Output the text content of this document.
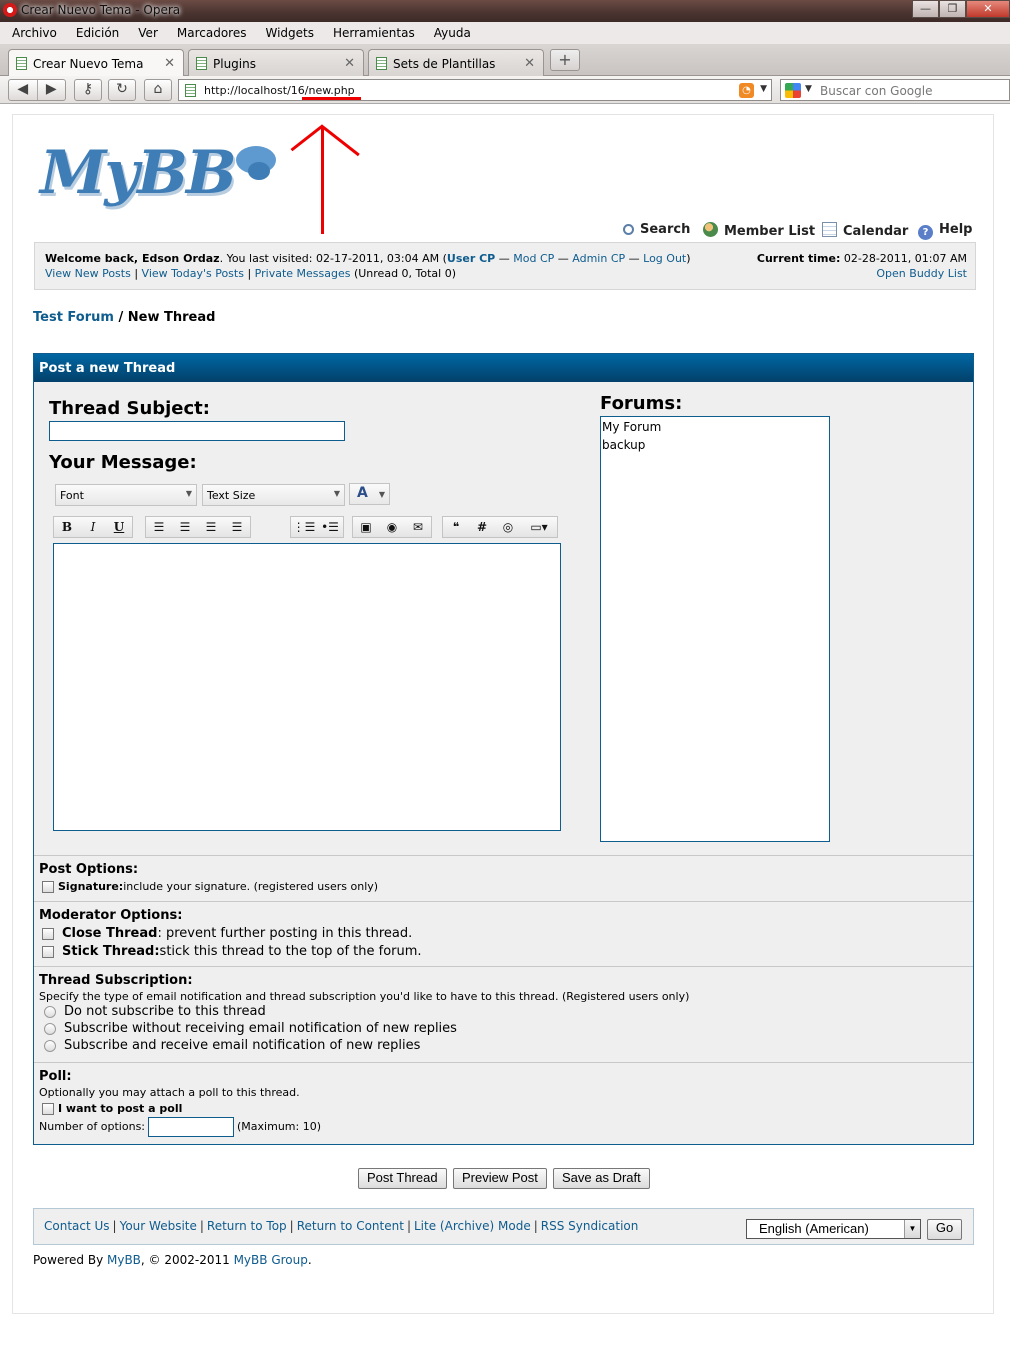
Crear Nuevo Tema - Opera	—	❐	✕
Archivo	Edición	Ver	Marcadores	Widgets	Herramientas	Ayuda
Crear Nuevo Tema ✕	Plugins	✕	Sets de Plantillas ✕	+
◀	▶	⚷	↻	⌂	http://localhost/16/new.php	◔	▼	▼ Buscar con Google
MyBB
Search	Member List	Calendar	? Help
Welcome back, Edson Ordaz. You last visited: 02-17-2011, 03:04 AM (User CP — Mod CP — Admin CP — Log Out)
View New Posts | View Today's Posts | Private Messages (Unread 0, Total 0)
Current time: 02-28-2011, 01:07 AM
Open Buddy List
Test Forum / New Thread
Post a new Thread
Thread Subject:
Your Message:
Font	▼	Text Size	▼	A ▼
B	I	U	☰	☰	☰	☰	⋮☰ •☰	▣	◉	✉	❝	#	◎	▭▾
Forums:
My Forum
backup
Post Options:
Signature: include your signature. (registered users only)
Moderator Options:
Close Thread : prevent further posting in this thread.
Stick Thread: stick this thread to the top of the forum.
Thread Subscription:
Specify the type of email notification and thread subscription you'd like to have to this thread. (Registered users only)
Do not subscribe to this thread
Subscribe without receiving email notification of new replies
Subscribe and receive email notification of new replies
Poll:
Optionally you may attach a poll to this thread.
I want to post a poll
Number of options:	(Maximum: 10)
Post Thread	Preview Post	Save as Draft
Contact Us | Your Website | Return to Top | Return to Content | Lite (Archive) Mode | RSS Syndication	English (American)	▼	Go
Powered By MyBB, © 2002-2011 MyBB Group.
